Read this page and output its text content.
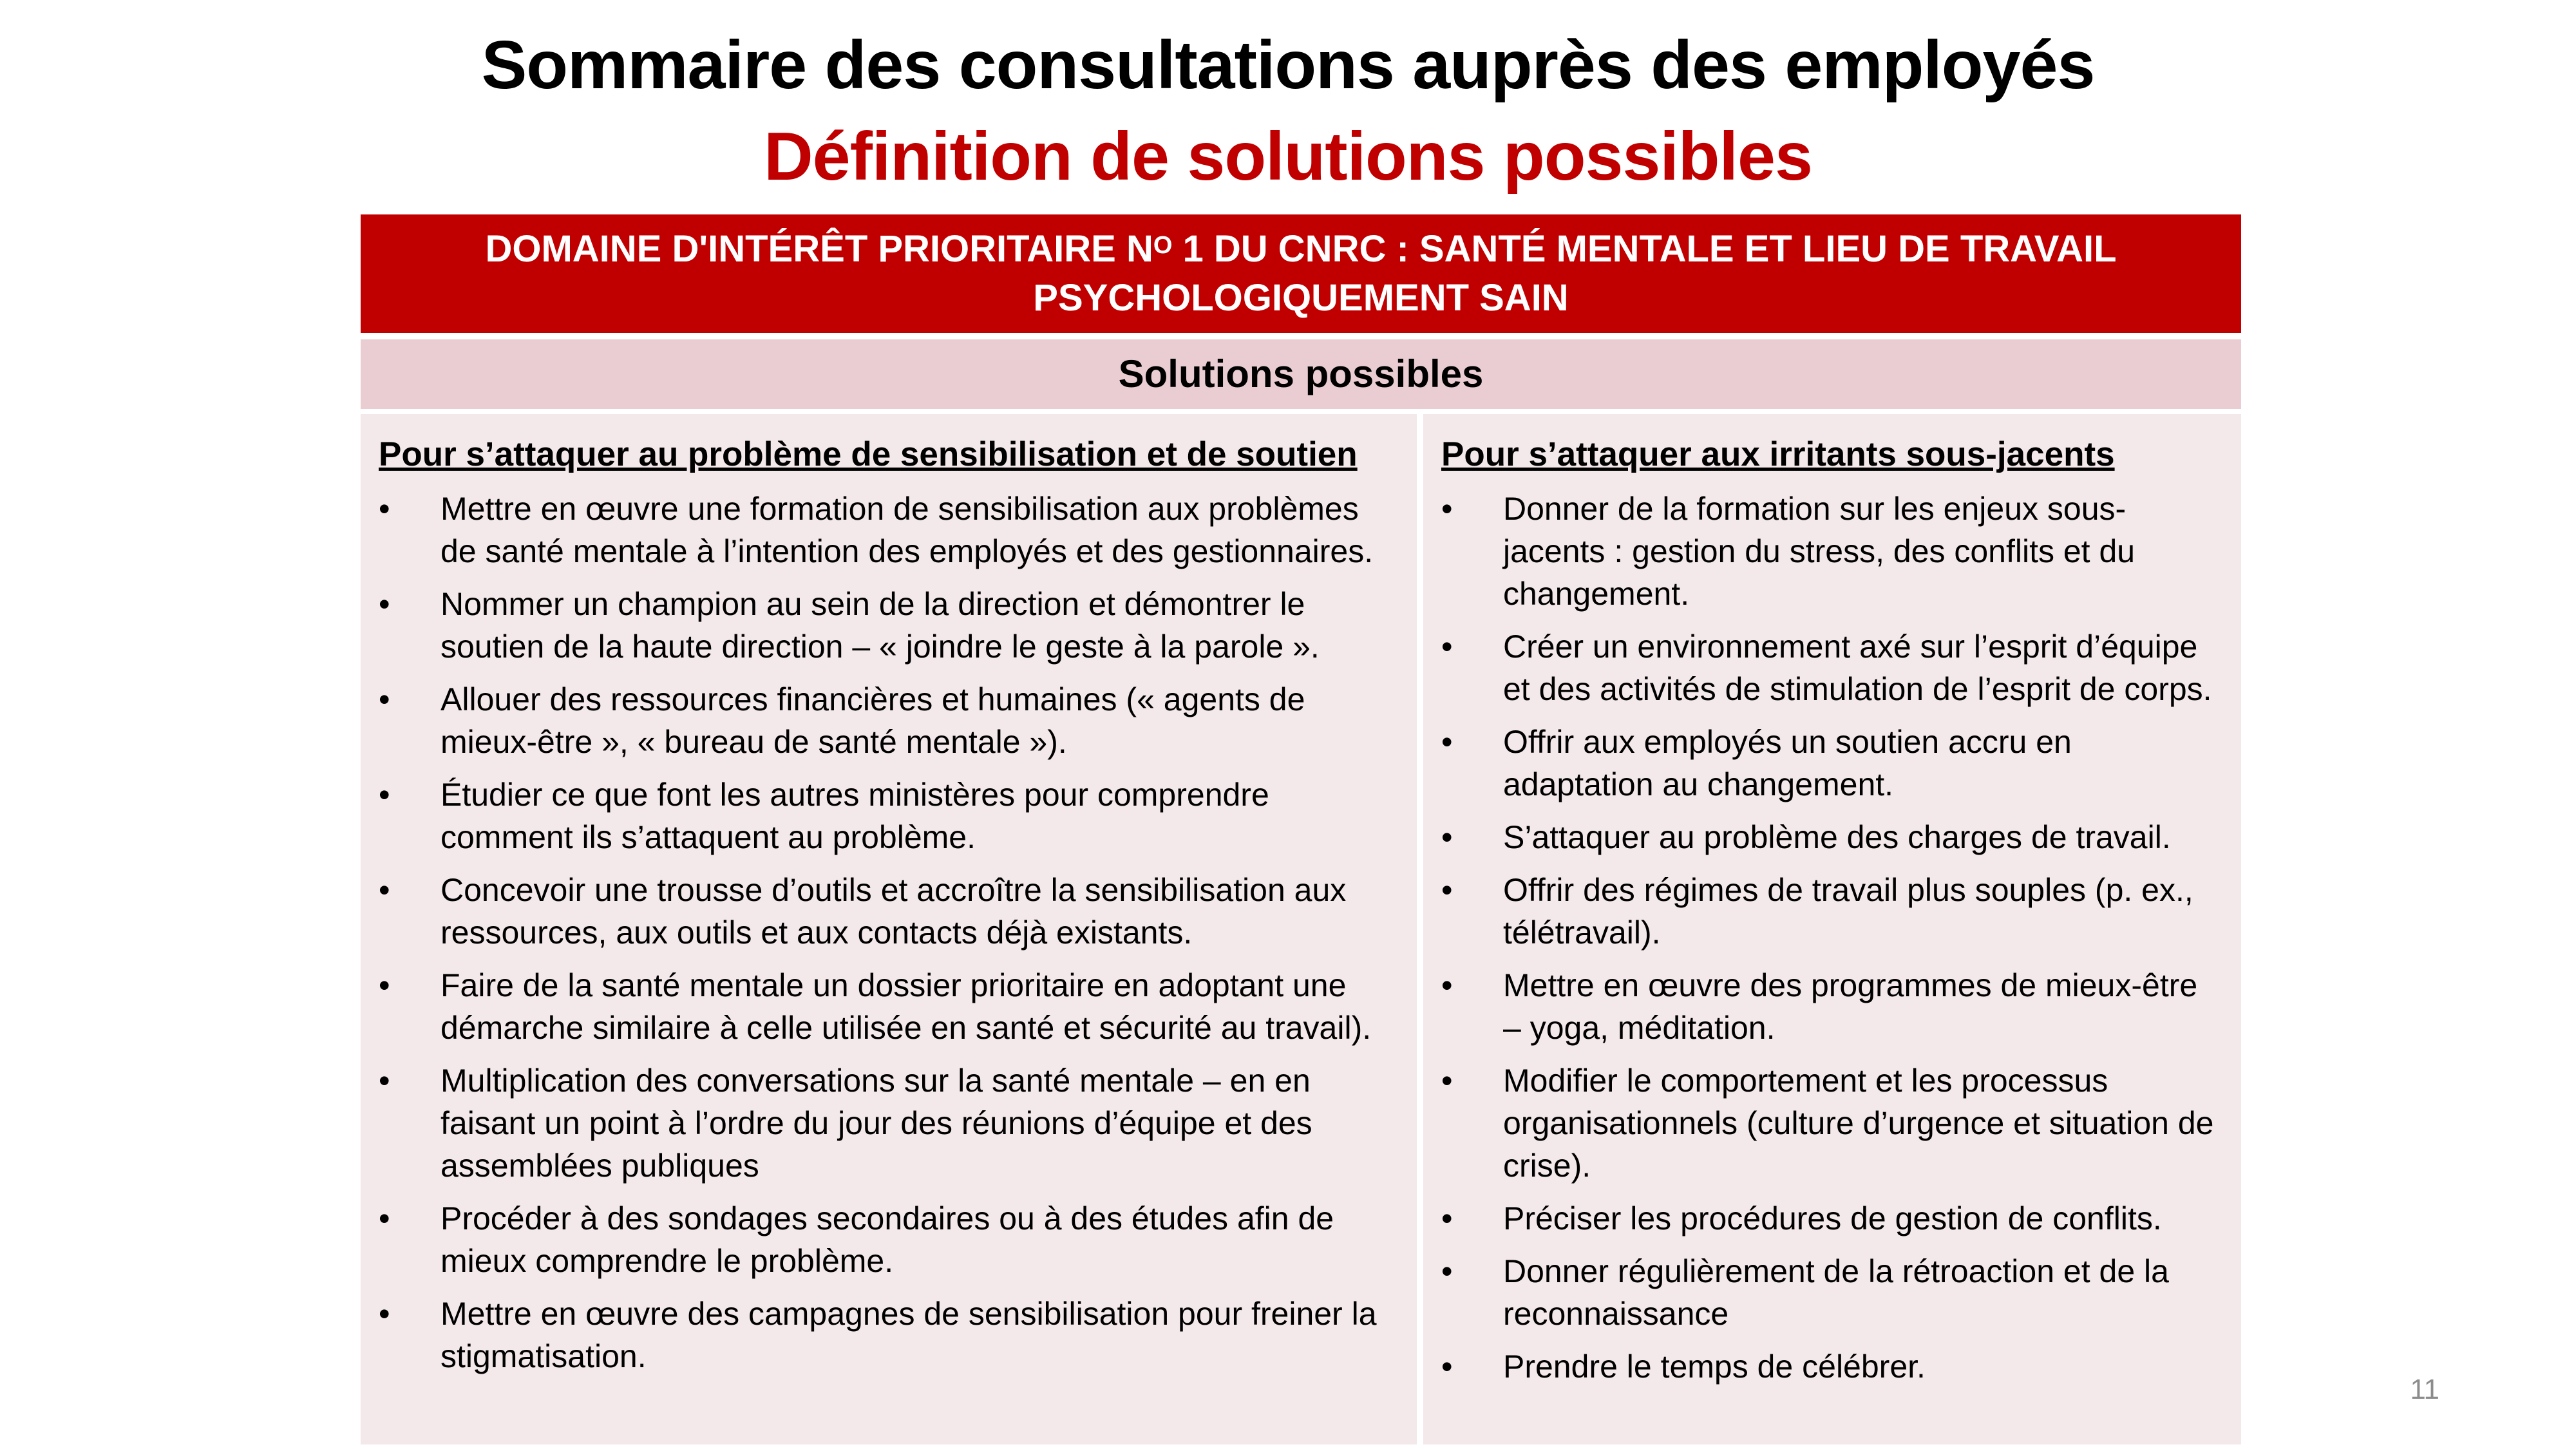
Sommaire des consultations auprès des employés
Définition de solutions possibles
DOMAINE D'INTÉRÊT PRIORITAIRE $N^O$ 1 DU CNRC : SANTÉ MENTALE ET LIEU DE TRAVAIL
PSYCHOLOGIQUEMENT SAIN
Solutions possibles
Pour s’attaquer au problème de sensibilisation et de soutien
•	Mettre en œuvre une formation de sensibilisation aux problèmes de santé mentale à l’intention des employés et des gestionnaires.
•	Nommer un champion au sein de la direction et démontrer le soutien de la haute direction – « joindre le geste à la parole ».
•	Allouer des ressources financières et humaines (« agents de mieux-être », « bureau de santé mentale »).
•	Étudier ce que font les autres ministères pour comprendre comment ils s’attaquent au problème.
•	Concevoir une trousse d’outils et accroître la sensibilisation aux ressources, aux outils et aux contacts déjà existants.
•	Faire de la santé mentale un dossier prioritaire en adoptant une démarche similaire à celle utilisée en santé et sécurité au travail).
•	Multiplication des conversations sur la santé mentale – en en faisant un point à l’ordre du jour des réunions d’équipe et des assemblées publiques
•	Procéder à des sondages secondaires ou à des études afin de mieux comprendre le problème.
•	Mettre en œuvre des campagnes de sensibilisation pour freiner la stigmatisation.
Pour s’attaquer aux irritants sous-jacents
•	Donner de la formation sur les enjeux sous-jacents : gestion du stress, des conflits et du changement.
•	Créer un environnement axé sur l’esprit d’équipe et des activités de stimulation de l’esprit de corps.
•	Offrir aux employés un soutien accru en adaptation au changement.
•	S’attaquer au problème des charges de travail.
•	Offrir des régimes de travail plus souples (p. ex., télétravail).
•	Mettre en œuvre des programmes de mieux-être – yoga, méditation.
•	Modifier le comportement et les processus organisationnels (culture d’urgence et situation de crise).
•	Préciser les procédures de gestion de conflits.
•	Donner régulièrement de la rétroaction et de la reconnaissance
•	Prendre le temps de célébrer.
11
